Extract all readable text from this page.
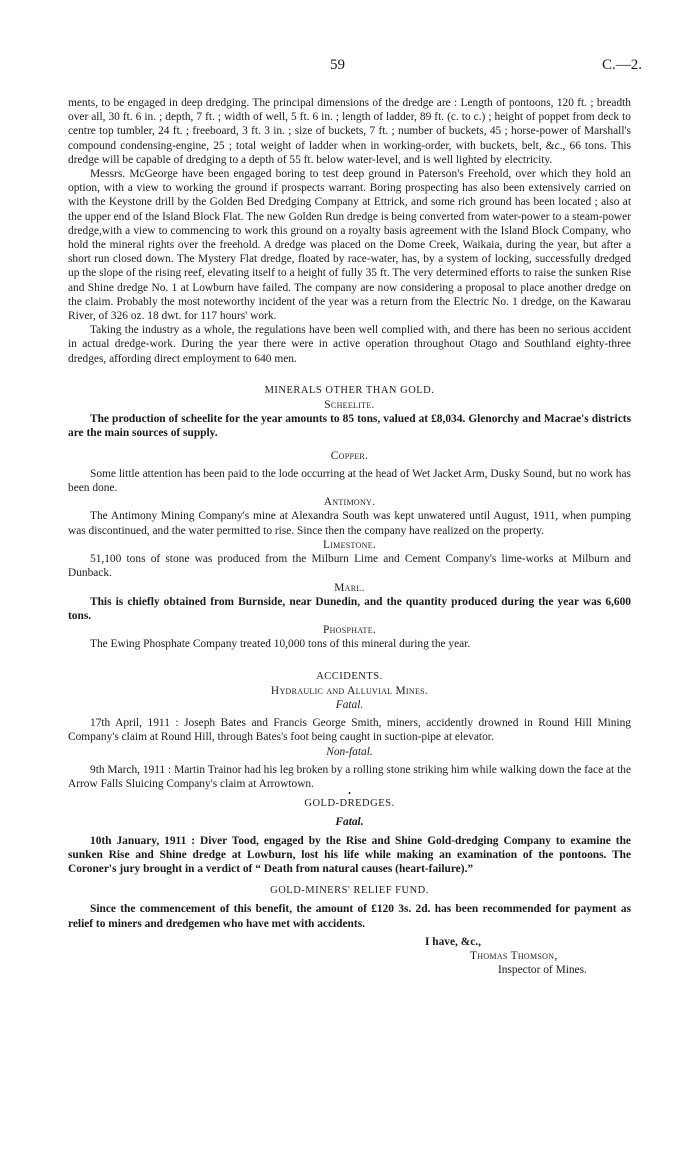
59	C.—2.

ments, to be engaged in deep dredging. The principal dimensions of the dredge are : Length of pontoons, 120 ft. ; breadth over all, 30 ft. 6 in. ; depth, 7 ft. ; width of well, 5 ft. 6 in. ; length of ladder, 89 ft. (c. to c.) ; height of poppet from deck to centre top tumbler, 24 ft. ; freeboard, 3 ft. 3 in. ; size of buckets, 7 ft. ; number of buckets, 45 ; horse-power of Marshall's compound condensing-engine, 25 ; total weight of ladder when in working-order, with buckets, belt, &c., 66 tons. This dredge will be capable of dredging to a depth of 55 ft. below water-level, and is well lighted by electricity.

Messrs. McGeorge have been engaged boring to test deep ground in Paterson's Freehold, over which they hold an option, with a view to working the ground if prospects warrant. Boring prospecting has also been extensively carried on with the Keystone drill by the Golden Bed Dredging Company at Ettrick, and some rich ground has been located ; also at the upper end of the Island Block Flat. The new Golden Run dredge is being converted from water-power to a steam-power dredge,with a view to commencing to work this ground on a royalty basis agreement with the Island Block Company, who hold the mineral rights over the freehold. A dredge was placed on the Dome Creek, Waikaia, during the year, but after a short run closed down. The Mystery Flat dredge, floated by race-water, has, by a system of locking, successfully dredged up the slope of the rising reef, elevating itself to a height of fully 35 ft. The very determined efforts to raise the sunken Rise and Shine dredge No. 1 at Lowburn have failed. The company are now considering a proposal to place another dredge on the claim. Probably the most noteworthy incident of the year was a return from the Electric No. 1 dredge, on the Kawarau River, of 326 oz. 18 dwt. for 117 hours' work.

Taking the industry as a whole, the regulations have been well complied with, and there has been no serious accident in actual dredge-work. During the year there were in active operation throughout Otago and Southland eighty-three dredges, affording direct employment to 640 men.

MINERALS OTHER THAN GOLD.

Scheelite.

The production of scheelite for the year amounts to 85 tons, valued at £8,034. Glenorchy and Macrae's districts are the main sources of supply.

Copper.

Some little attention has been paid to the lode occurring at the head of Wet Jacket Arm, Dusky Sound, but no work has been done.

Antimony.

The Antimony Mining Company's mine at Alexandra South was kept unwatered until August, 1911, when pumping was discontinued, and the water permitted to rise. Since then the company have realized on the property.

Limestone.

51,100 tons of stone was produced from the Milburn Lime and Cement Company's lime-works at Milburn and Dunback.

Marl.

This is chiefly obtained from Burnside, near Dunedin, and the quantity produced during the year was 6,600 tons.

Phosphate.

The Ewing Phosphate Company treated 10,000 tons of this mineral during the year.

ACCIDENTS.

Hydraulic and Alluvial Mines.

Fatal.

17th April, 1911 : Joseph Bates and Francis George Smith, miners, accidently drowned in Round Hill Mining Company's claim at Round Hill, through Bates's foot being caught in suction-pipe at elevator.

Non-fatal.

9th March, 1911 : Martin Trainor had his leg broken by a rolling stone striking him while walking down the face at the Arrow Falls Sluicing Company's claim at Arrowtown.

•

GOLD-DREDGES.

Fatal.

10th January, 1911 : Diver Tood, engaged by the Rise and Shine Gold-dredging Company to examine the sunken Rise and Shine dredge at Lowburn, lost his life while making an examination of the pontoons. The Coroner's jury brought in a verdict of “ Death from natural causes (heart-failure).”

GOLD-MINERS' RELIEF FUND.

Since the commencement of this benefit, the amount of £120 3s. 2d. has been recommended for payment as relief to miners and dredgemen who have met with accidents.

I have, &c.,

Thomas Thomson,

Inspector of Mines.
